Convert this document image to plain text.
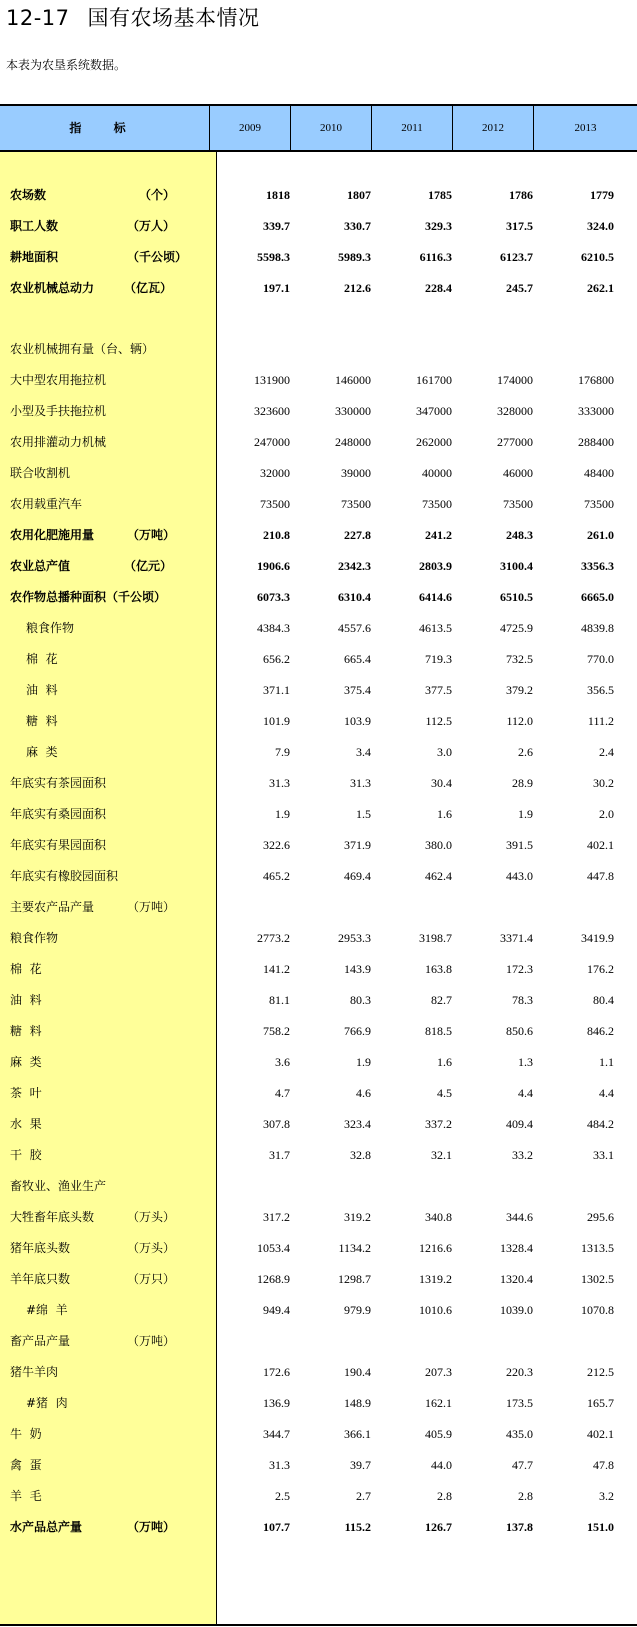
12-17 国有农场基本情况
本表为农垦系统数据。
指 标	2009	2010	2011	2012	2013
农场数	（个）	1818	1807	1785	1786	1779
职工人数	（万人）	339.7	330.7	329.3	317.5	324.0
耕地面积	（千公顷）	5598.3	5989.3	6116.3	6123.7	6210.5
农业机械总动力 （亿瓦）	197.1	212.6	228.4	245.7	262.1
农业机械拥有量（台、辆）
大中型农用拖拉机	131900	146000	161700	174000	176800
小型及手扶拖拉机	323600	330000	347000	328000	333000
农用排灌动力机械	247000	248000	262000	277000	288400
联合收割机	32000	39000	40000	46000	48400
农用载重汽车	73500	73500	73500	73500	73500
农用化肥施用量	（万吨）	210.8	227.8	241.2	248.3	261.0
农业总产值	（亿元）	1906.6	2342.3	2803.9	3100.4	3356.3
农作物总播种面积（千公顷）	6073.3	6310.4	6414.6	6510.5	6665.0
粮食作物	4384.3	4557.6	4613.5	4725.9	4839.8
棉  花	656.2	665.4	719.3	732.5	770.0
油  料	371.1	375.4	377.5	379.2	356.5
糖  料	101.9	103.9	112.5	112.0	111.2
麻  类	7.9	3.4	3.0	2.6	2.4
年底实有茶园面积	31.3	31.3	30.4	28.9	30.2
年底实有桑园面积	1.9	1.5	1.6	1.9	2.0
年底实有果园面积	322.6	371.9	380.0	391.5	402.1
年底实有橡胶园面积	465.2	469.4	462.4	443.0	447.8
主要农产品产量	（万吨）
粮食作物	2773.2	2953.3	3198.7	3371.4	3419.9
棉  花	141.2	143.9	163.8	172.3	176.2
油  料	81.1	80.3	82.7	78.3	80.4
糖  料	758.2	766.9	818.5	850.6	846.2
麻  类	3.6	1.9	1.6	1.3	1.1
茶  叶	4.7	4.6	4.5	4.4	4.4
水  果	307.8	323.4	337.2	409.4	484.2
干  胶	31.7	32.8	32.1	33.2	33.1
畜牧业、渔业生产
大牲畜年底头数	（万头）	317.2	319.2	340.8	344.6	295.6
猪年底头数	（万头）	1053.4	1134.2	1216.6	1328.4	1313.5
羊年底只数	（万只）	1268.9	1298.7	1319.2	1320.4	1302.5
#绵  羊	949.4	979.9	1010.6	1039.0	1070.8
畜产品产量	（万吨）
猪牛羊肉	172.6	190.4	207.3	220.3	212.5
#猪  肉	136.9	148.9	162.1	173.5	165.7
牛  奶	344.7	366.1	405.9	435.0	402.1
禽  蛋	31.3	39.7	44.0	47.7	47.8
羊  毛	2.5	2.7	2.8	2.8	3.2
水产品总产量	（万吨）	107.7	115.2	126.7	137.8	151.0
